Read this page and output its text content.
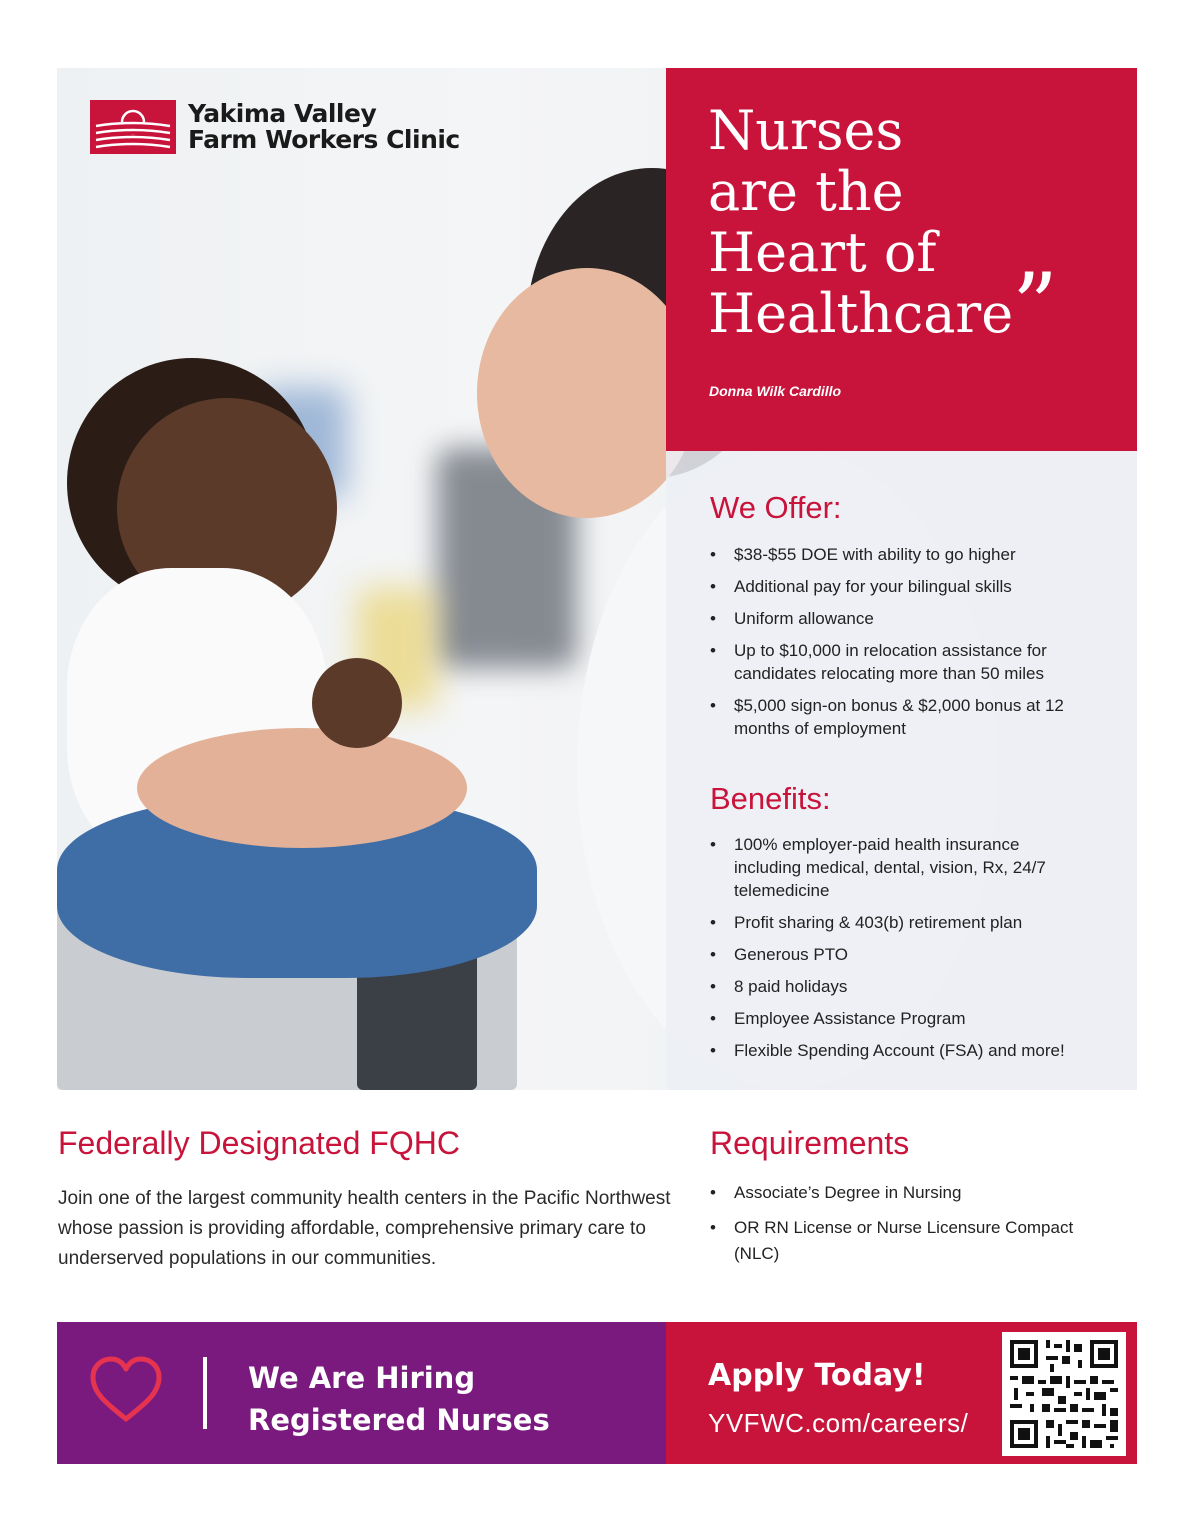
Yakima Valley
Farm Workers Clinic	Nurses
are the
Heart of
Healthcare
”
Donna Wilk Cardillo
We Offer:
• $38-$55 DOE with ability to go higher
• Additional pay for your bilingual skills
• Uniform allowance
• Up to $10,000 in relocation assistance for candidates relocating more than 50 miles
• $5,000 sign-on bonus & $2,000 bonus at 12 months of employment
Benefits:
• 100% employer-paid health insurance including medical, dental, vision, Rx, 24/7 telemedicine
• Profit sharing & 403(b) retirement plan
• Generous PTO
• 8 paid holidays
• Employee Assistance Program
• Flexible Spending Account (FSA) and more!
Federally Designated FQHC
Join one of the largest community health centers in the Pacific Northwest whose passion is providing affordable, comprehensive primary care to underserved populations in our communities.
Requirements
• Associate’s Degree in Nursing
• OR RN License or Nurse Licensure Compact (NLC)
We Are Hiring
Registered Nurses
Apply Today!
YVFWC.com/careers/
